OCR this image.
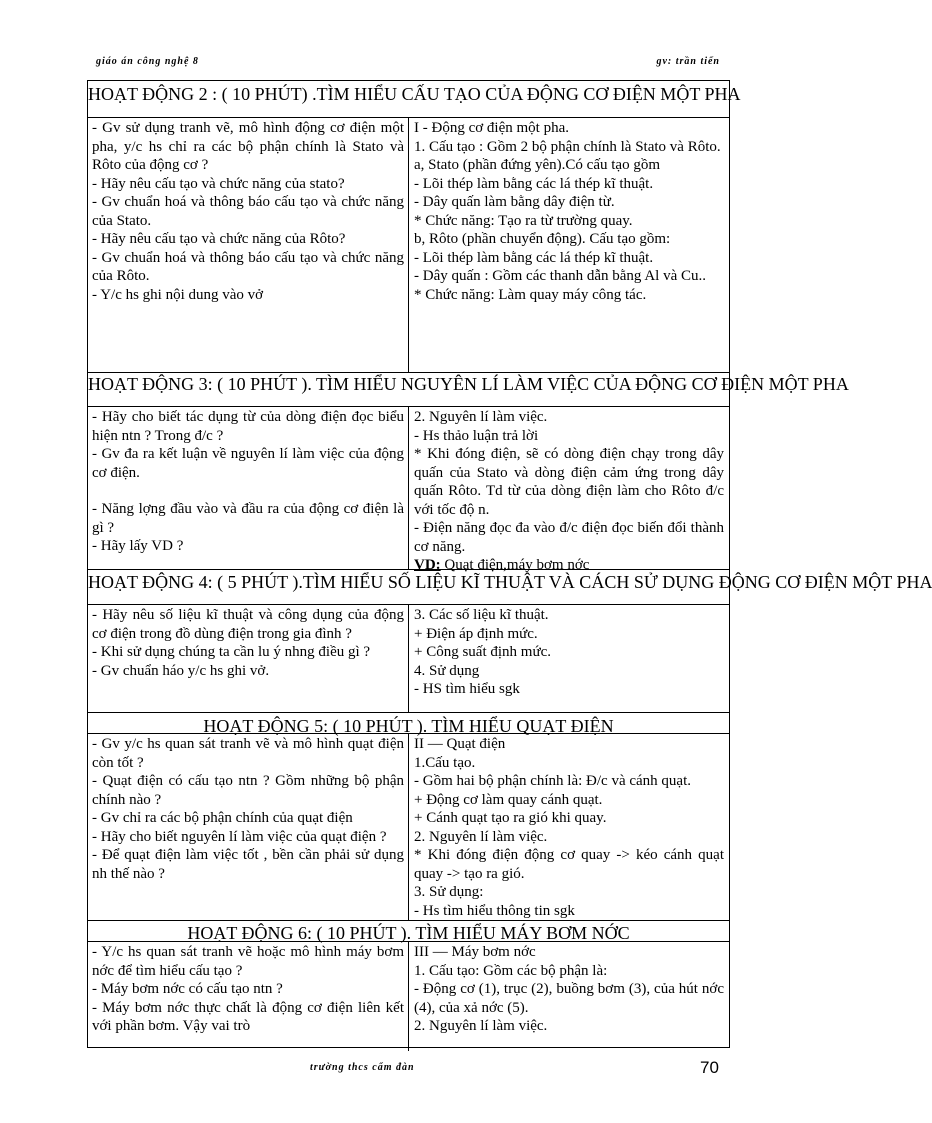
giáo án công nghệ 8	gv: trần tiến
HOẠT ĐỘNG 2 : ( 10 PHÚT) .TÌM HIỂU CẤU TẠO CỦA ĐỘNG CƠ ĐIỆN MỘT PHA

- Gv sử dụng tranh vẽ, mô hình động cơ điện một pha, y/c hs chỉ ra các bộ phận chính là Stato và Rôto của động cơ ?

- Hãy nêu cấu tạo và chức năng của stato?

- Gv chuẩn hoá và thông báo cấu tạo và chức năng của Stato.

- Hãy nêu cấu tạo và chức năng của Rôto?

- Gv chuẩn hoá và thông báo cấu tạo và chức năng của Rôto.

- Y/c hs ghi nội dung vào vở

I - Động cơ điện một pha.

1. Cấu tạo : Gồm 2 bộ phận chính là Stato và Rôto.

a, Stato (phần đứng yên).Có cấu tạo gồm

- Lõi thép làm bằng các lá thép kĩ thuật.

- Dây quấn làm bằng dây điện từ.

* Chức năng: Tạo ra từ trường quay.

b, Rôto (phần chuyển động). Cấu tạo gồm:

- Lõi thép làm bằng các lá thép kĩ thuật.

- Dây quấn : Gồm các thanh dẫn bằng Al và Cu..

* Chức năng: Làm quay máy công tác.

HOẠT ĐỘNG 3: ( 10 PHÚT ). TÌM HIỂU NGUYÊN LÍ LÀM VIỆC CỦA ĐỘNG CƠ ĐIỆN MỘT PHA

- Hãy cho biết tác dụng từ của dòng điện đọc biểu hiện ntn ? Trong đ/c ?

- Gv đa ra kết luận về nguyên lí làm việc của động cơ điện.

- Năng lợng đầu vào và đầu ra của động cơ điện là gì ?

- Hãy lấy VD ?

2. Nguyên lí làm việc.

- Hs thảo luận trả lời

* Khi đóng điện, sẽ có dòng điện chạy trong dây quấn của Stato và dòng điện cảm ứng trong dây quấn Rôto. Td từ của dòng điện làm cho Rôto đ/c với tốc độ n.

- Điện năng đọc đa vào đ/c điện đọc biến đổi thành cơ năng.

VD: Quạt điện,máy bơm nớc

HOẠT ĐỘNG 4: ( 5 PHÚT ).TÌM HIỂU SỐ LIỆU KĨ THUẬT VÀ CÁCH SỬ DỤNG ĐỘNG CƠ ĐIỆN MỘT PHA

- Hãy nêu số liệu kĩ thuật và công dụng của động cơ điện trong đồ dùng điện trong gia đình ?

- Khi sử dụng chúng ta cần lu ý nhng điều gì ?

- Gv chuẩn háo y/c hs ghi vở.

3. Các số liệu kĩ thuật.

+ Điện áp định mức.

+ Công suất định mức.

4. Sử dụng

- HS tìm hiểu sgk

HOẠT ĐỘNG 5: ( 10 PHÚT ). TÌM HIỂU QUẠT ĐIỆN

- Gv y/c hs quan sát tranh vẽ và mô hình quạt điện còn tốt ?

- Quạt điện có cấu tạo ntn ? Gồm những bộ phận chính nào ?

- Gv chỉ ra các bộ phận chính của quạt điện

- Hãy cho biết nguyên lí làm việc của quạt điện ?

- Để quạt điện làm việc tốt , bền cần phải sử dụng nh thế nào ?

II — Quạt điện

1.Cấu tạo.

- Gồm hai bộ phận chính là: Đ/c và cánh quạt.

+ Động cơ làm quay cánh quạt.

+ Cánh quạt tạo ra gió khi quay.

2. Nguyên lí làm việc.

* Khi đóng điện động cơ quay -> kéo cánh quạt quay -> tạo ra gió.

3. Sử dụng:

- Hs tìm hiểu thông tin sgk

HOẠT ĐỘNG 6: ( 10 PHÚT ). TÌM HIỂU MÁY BƠM NỚC

- Y/c hs quan sát tranh vẽ hoặc mô hình máy bơm nớc để tìm hiểu cấu tạo ?

- Máy bơm nớc có cấu tạo ntn ?

- Máy bơm nớc thực chất là động cơ điện liên kết với phần bơm. Vậy vai trò

III — Máy bơm nớc

1. Cấu tạo: Gồm các bộ phận là:

- Động cơ (1), trục (2), buồng bơm (3), của hút nớc (4), của xả nớc (5).

2. Nguyên lí làm việc.

trường thcs cẩm đàn	70
